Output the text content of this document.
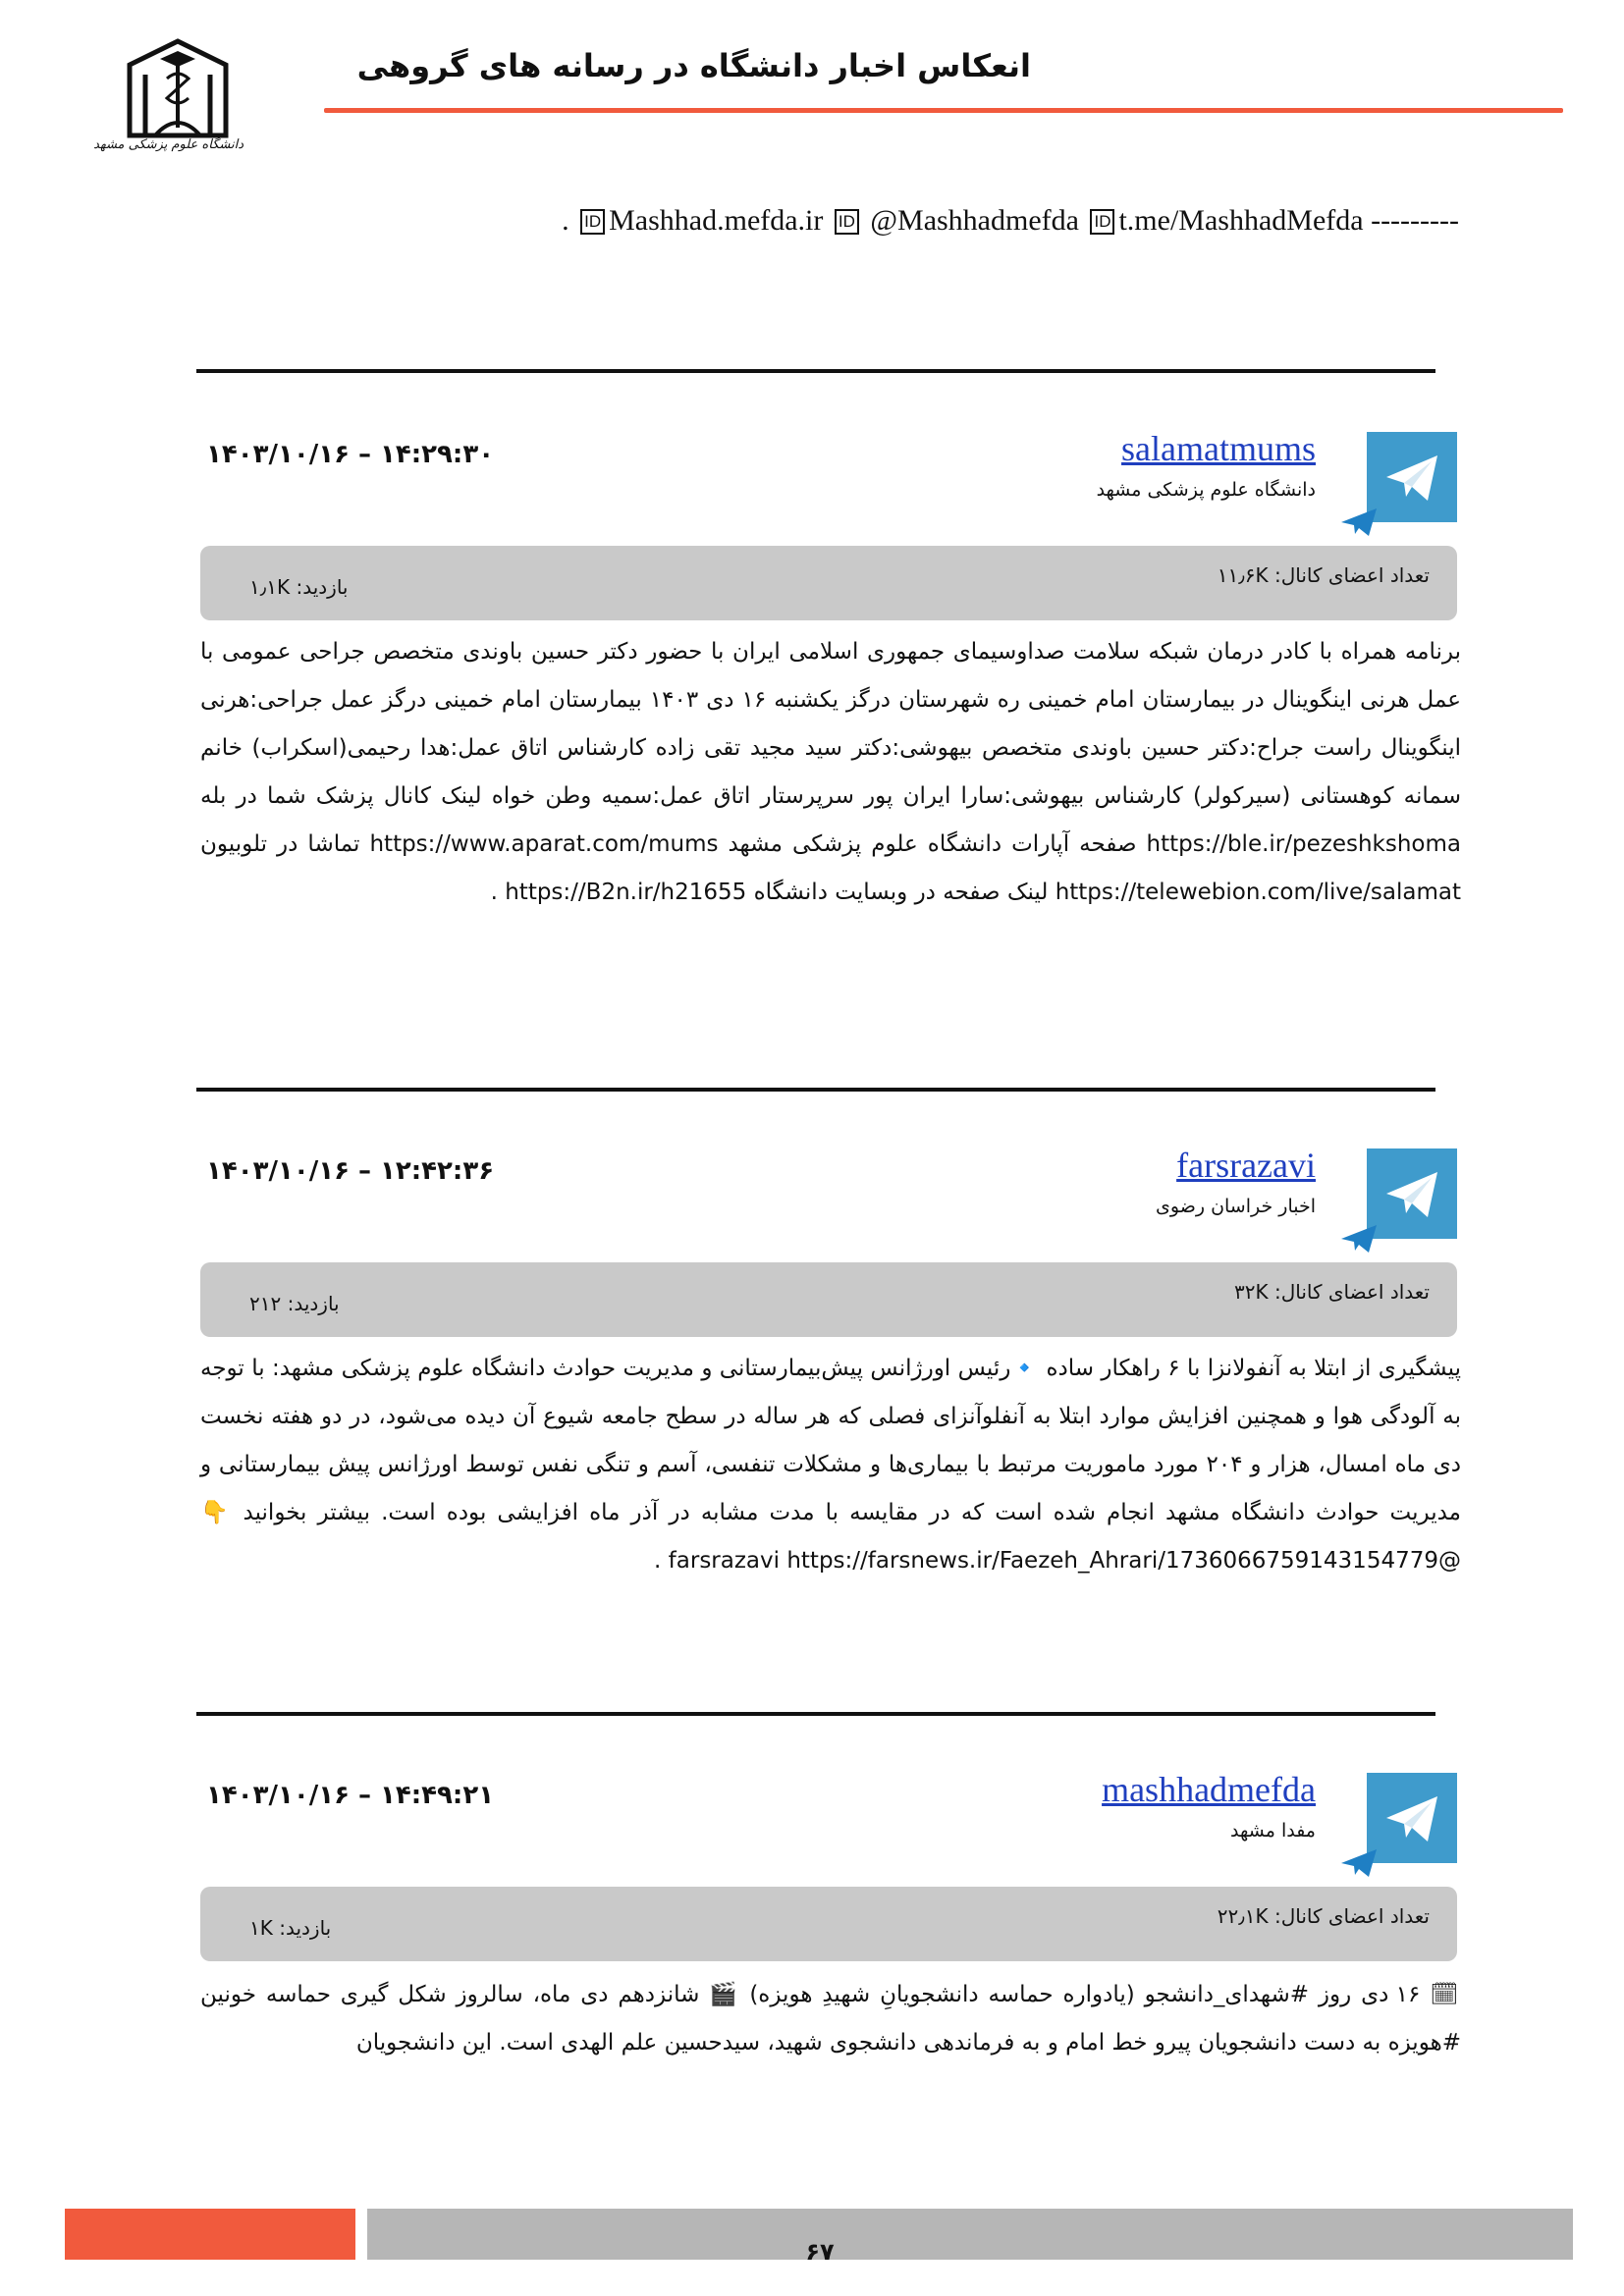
انعکاس اخبار دانشگاه در رسانه های گروهی
دانشگاه علوم پزشکی مشهد
. ID Mashhad.mefda.ir ID @Mashhadmefda ID t.me/MashhadMefda ---------
salamatmums
دانشگاه علوم پزشکی مشهد
۱۴۰۳/۱۰/۱۶ – ۱۴:۲۹:۳۰
تعداد اعضای کانال: ۱۱٫۶K
بازدید: ۱٫۱K
برنامه همراه با کادر درمان شبکه سلامت صداوسیمای جمهوری اسلامی ایران با حضور دکتر حسین باوندی متخصص جراحی عمومی با عمل هرنی اینگوینال در بیمارستان امام خمینی ره شهرستان درگز یکشنبه ۱۶ دی ۱۴۰۳ بیمارستان امام خمینی درگز عمل جراحی:هرنی اینگوینال راست جراح:دکتر حسین باوندی متخصص بیهوشی:دکتر سید مجید تقی زاده کارشناس اتاق عمل:هدا رحیمی(اسکراب) خانم سمانه کوهستانی (سیرکولر) کارشناس بیهوشی:سارا ایران پور سرپرستار اتاق عمل:سمیه وطن خواه لینک کانال پزشک شما در بله https://ble.ir/pezeshkshoma صفحه آپارات دانشگاه علوم پزشکی مشهد https://www.aparat.com/mums تماشا در تلوبیون https://telewebion.com/live/salamat لینک صفحه در وبسایت دانشگاه https://B2n.ir/h21655 .
farsrazavi
اخبار خراسان رضوی
۱۴۰۳/۱۰/۱۶ – ۱۲:۴۲:۳۶
تعداد اعضای کانال: ۳۲K
بازدید: ۲۱۲
پیشگیری از ابتلا به آنفولانزا با ۶ راهکار ساده 🔹رئیس اورژانس پیش‌بیمارستانی و مدیریت حوادث دانشگاه علوم پزشکی مشهد: با توجه به آلودگی هوا و همچنین افزایش موارد ابتلا به آنفلوآنزای فصلی که هر ساله در سطح جامعه شیوع آن دیده می‌شود، در دو هفته نخست دی ماه امسال، هزار و ۲۰۴ مورد ماموریت مرتبط با بیماری‌ها و مشکلات تنفسی، آسم و تنگی نفس توسط اورژانس پیش بیمارستانی و مدیریت حوادث دانشگاه مشهد انجام شده است که در مقایسه با مدت مشابه در آذر ماه افزایشی بوده است. بیشتر بخوانید 👇 @farsrazavi https://farsnews.ir/Faezeh_Ahrari/1736066759143154779 .
mashhadmefda
مفدا مشهد
۱۴۰۳/۱۰/۱۶ – ۱۴:۴۹:۲۱
تعداد اعضای کانال: ۲۲٫۱K
بازدید: ۱K
🗓 ۱۶ دی روز #شهدای_دانشجو (یادواره حماسه دانشجویانِ شهیدِ هویزه) 🎬 شانزدهم دی ماه، سالروز شکل گیری حماسه خونین #هویزه به دست دانشجویان پیرو خط امام و به فرماندهی دانشجوی شهید، سیدحسین علم الهدی است. این دانشجویان
۶۷
